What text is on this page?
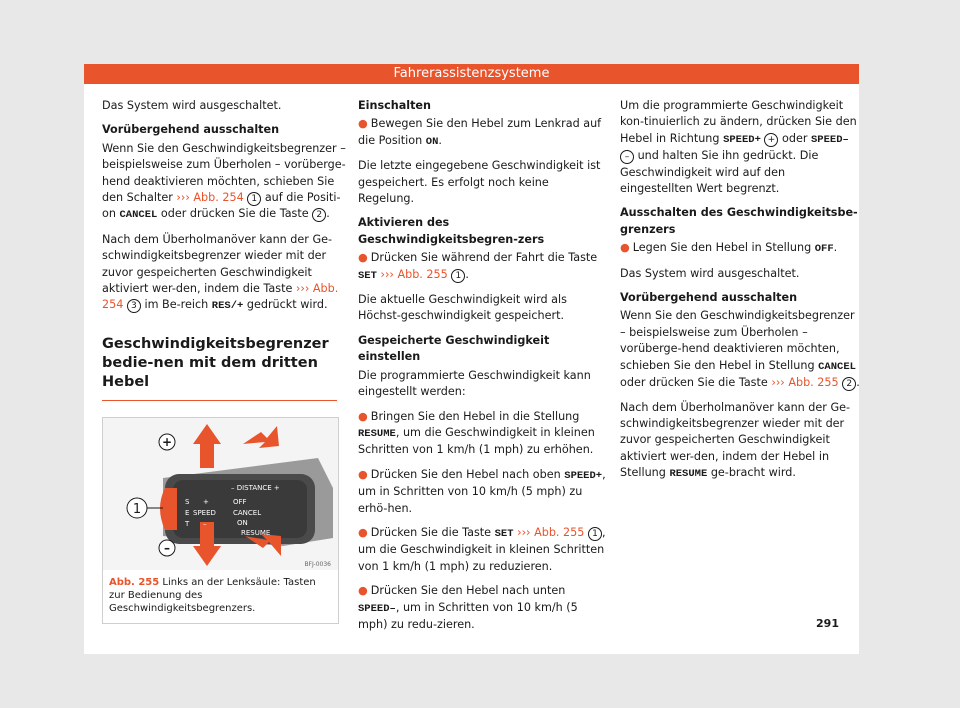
Fahrerassistenzsysteme

Das System wird ausgeschaltet.

Vorübergehend ausschalten

Wenn Sie den Geschwindigkeitsbegrenzer – beispielsweise zum Überholen – vorüberge-hend deaktivieren möchten, schieben Sie den Schalter ››› Abb. 254 1 auf die Positi-on CANCEL oder drücken Sie die Taste 2 .

Nach dem Überholmanöver kann der Ge-schwindigkeitsbegrenzer wieder mit der zuvor gespeicherten Geschwindigkeit aktiviert wer-den, indem die Taste ››› Abb. 254 3 im Be-reich RES/+ gedrückt wird.

Geschwindigkeitsbegrenzer bedie-nen mit dem dritten Hebel
+
1
–
– DISTANCE +
S
E
T
+
SPEED
–
OFF
CANCEL
ON
RESUME
BFJ-0036
Abb. 255 Links an der Lenksäule: Tasten zur Bedienung des Geschwindigkeitsbegrenzers.
Einschalten

● Bewegen Sie den Hebel zum Lenkrad auf die Position ON.

Die letzte eingegebene Geschwindigkeit ist gespeichert. Es erfolgt noch keine Regelung.

Aktivieren des Geschwindigkeitsbegren-zers

● Drücken Sie während der Fahrt die Taste SET ››› Abb. 255 1 .

Die aktuelle Geschwindigkeit wird als Höchst-geschwindigkeit gespeichert.

Gespeicherte Geschwindigkeit einstellen

Die programmierte Geschwindigkeit kann eingestellt werden:

● Bringen Sie den Hebel in die Stellung RESUME, um die Geschwindigkeit in kleinen Schritten von 1 km/h (1 mph) zu erhöhen.

● Drücken Sie den Hebel nach oben SPEED+, um in Schritten von 10 km/h (5 mph) zu erhö-hen.

● Drücken Sie die Taste SET ››› Abb. 255 1 , um die Geschwindigkeit in kleinen Schritten von 1 km/h (1 mph) zu reduzieren.

● Drücken Sie den Hebel nach unten SPEED–, um in Schritten von 10 km/h (5 mph) zu redu-zieren.

Um die programmierte Geschwindigkeit kon-tinuierlich zu ändern, drücken Sie den Hebel in Richtung SPEED+ + oder SPEED– – und halten Sie ihn gedrückt. Die Geschwindigkeit wird auf den eingestellten Wert begrenzt.

Ausschalten des Geschwindigkeitsbe-grenzers

● Legen Sie den Hebel in Stellung OFF.

Das System wird ausgeschaltet.

Vorübergehend ausschalten

Wenn Sie den Geschwindigkeitsbegrenzer – beispielsweise zum Überholen – vorüberge-hend deaktivieren möchten, schieben Sie den Hebel in Stellung CANCEL oder drücken Sie die Taste ››› Abb. 255 2 .

Nach dem Überholmanöver kann der Ge-schwindigkeitsbegrenzer wieder mit der zuvor gespeicherten Geschwindigkeit aktiviert wer-den, indem der Hebel in Stellung RESUME ge-bracht wird.

291
